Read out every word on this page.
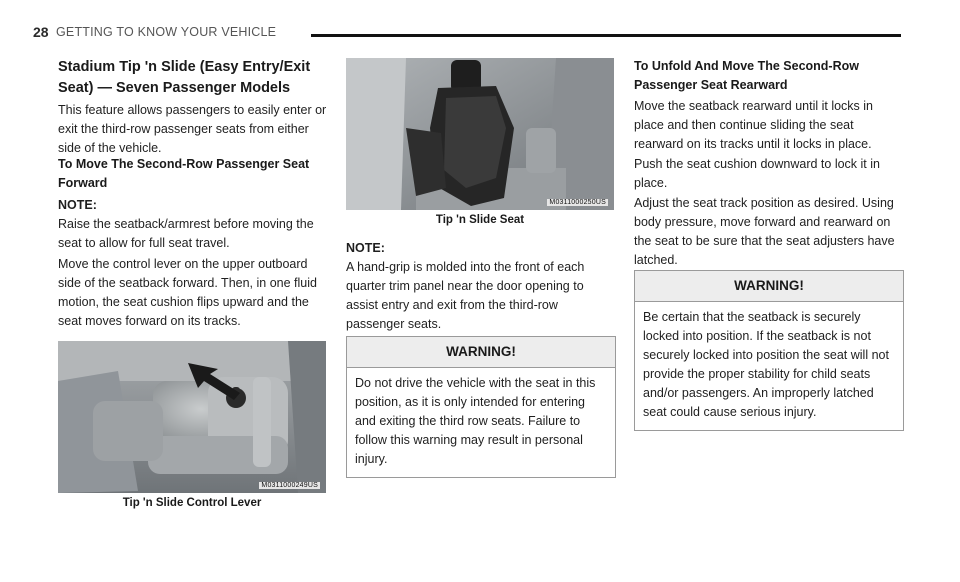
28 GETTING TO KNOW YOUR VEHICLE
Stadium Tip 'n Slide (Easy Entry/Exit Seat) — Seven Passenger Models

This feature allows passengers to easily enter or exit the third-row passenger seats from either side of the vehicle.

To Move The Second-Row Passenger Seat Forward
NOTE:
Raise the seatback/armrest before moving the seat to allow for full seat travel.

Move the control lever on the upper outboard side of the seatback forward. Then, in one fluid motion, the seat cushion flips upward and the seat moves forward on its tracks.

M0311000249US
Tip 'n Slide Control Lever
M0311000250US
Tip 'n Slide Seat
NOTE:
A hand-grip is molded into the front of each quarter trim panel near the door opening to assist entry and exit from the third-row passenger seats.
WARNING!
Do not drive the vehicle with the seat in this position, as it is only intended for entering and exiting the third row seats. Failure to follow this warning may result in personal injury.
To Unfold And Move The Second-Row Passenger Seat Rearward

Move the seatback rearward until it locks in place and then continue sliding the seat rearward on its tracks until it locks in place.

Push the seat cushion downward to lock it in place.

Adjust the seat track position as desired. Using body pressure, move forward and rearward on the seat to be sure that the seat adjusters have latched.

WARNING!
Be certain that the seatback is securely locked into position. If the seatback is not securely locked into position the seat will not provide the proper stability for child seats and/or passengers. An improperly latched seat could cause serious injury.
